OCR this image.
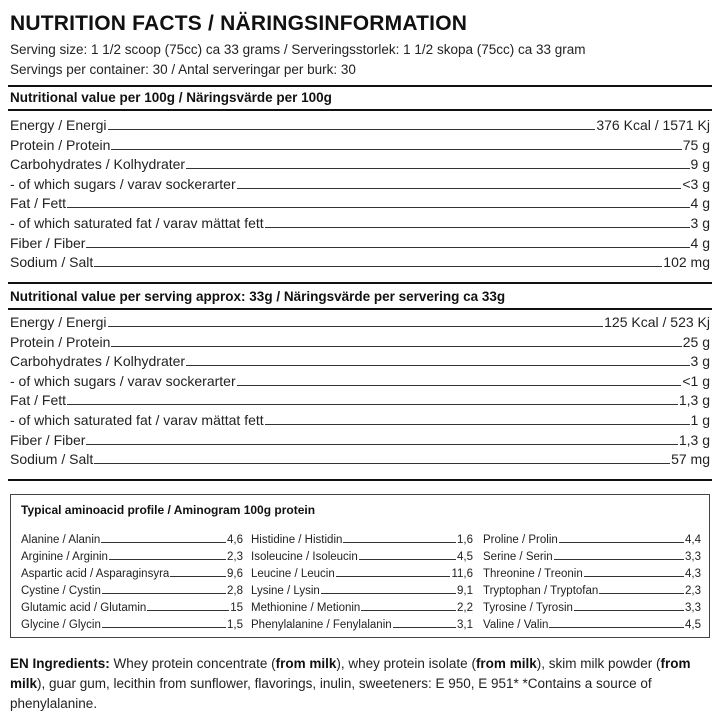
NUTRITION FACTS / NÄRINGSINFORMATION
Serving size: 1 1/2 scoop (75cc) ca 33 grams / Serveringsstorlek: 1 1/2 skopa (75cc) ca 33 gram
Servings per container: 30 / Antal serveringar per burk: 30
Nutritional value per 100g / Näringsvärde per 100g
Energy / Energi	376 Kcal / 1571 Kj
Protein / Protein	75 g
Carbohydrates / Kolhydrater	9 g
- of which sugars / varav sockerarter	<3 g
Fat / Fett	4 g
- of which saturated fat / varav mättat fett	3 g
Fiber / Fiber	4 g
Sodium / Salt	102 mg
Nutritional value per serving approx: 33g / Näringsvärde per servering ca 33g
Energy / Energi	125 Kcal / 523 Kj
Protein / Protein	25 g
Carbohydrates / Kolhydrater	3 g
- of which sugars / varav sockerarter	<1 g
Fat / Fett	1,3 g
- of which saturated fat / varav mättat fett	1 g
Fiber / Fiber	1,3 g
Sodium / Salt	57 mg
Typical aminoacid profile / Aminogram 100g protein
Alanine / Alanin	4,6
Arginine / Arginin	2,3
Aspartic acid / Asparaginsyra	9,6
Cystine / Cystin	2,8
Glutamic acid / Glutamin	15
Glycine / Glycin	1,5
Histidine / Histidin	1,6
Isoleucine / Isoleucin	4,5
Leucine / Leucin	11,6
Lysine / Lysin	9,1
Methionine / Metionin	2,2
Phenylalanine / Fenylalanin	3,1
Proline / Prolin	4,4
Serine / Serin	3,3
Threonine / Treonin	4,3
Tryptophan / Tryptofan	2,3
Tyrosine / Tyrosin	3,3
Valine / Valin	4,5
EN Ingredients: Whey protein concentrate (from milk), whey protein isolate (from milk), skim milk powder (from milk), guar gum, lecithin from sunflower, flavorings, inulin, sweeteners: E 950, E 951* *Contains a source of phenylalanine.
